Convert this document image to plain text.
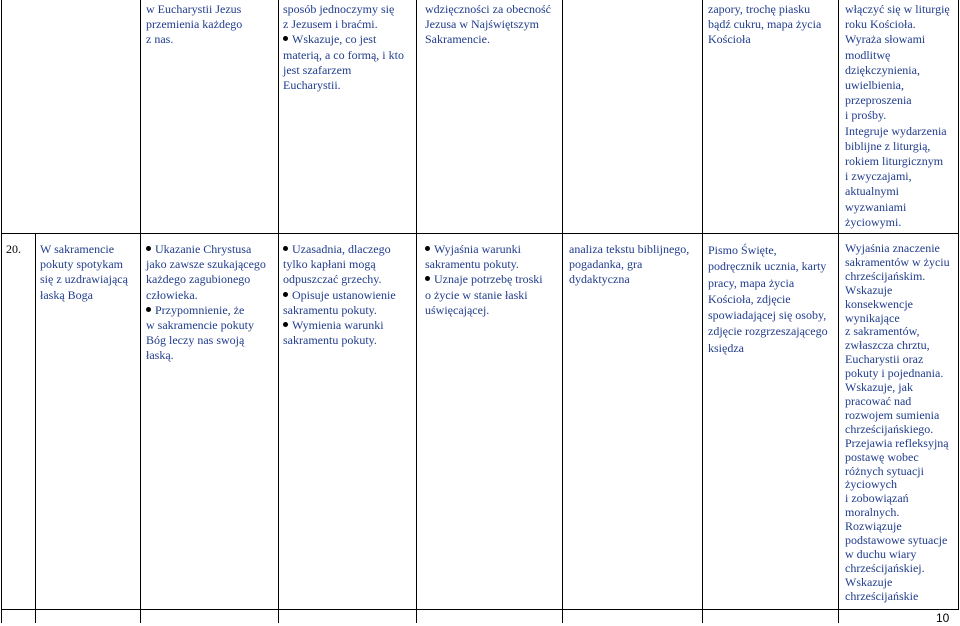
w Eucharystii Jezus

przemienia każdego

z nas.

sposób jednoczymy się

z Jezusem i braćmi.

Wskazuje, co jest

materią, a co formą, i kto

jest szafarzem

Eucharystii.

wdzięczności za obecność

Jezusa w Najświętszym

Sakramencie.

zapory, trochę piasku

bądź cukru, mapa życia

Kościoła

włączyć się w liturgię

roku Kościoła.

Wyraża słowami

modlitwę

dziękczynienia,

uwielbienia,

przeproszenia

i prośby.

Integruje wydarzenia

biblijne z liturgią,

rokiem liturgicznym

i zwyczajami,

aktualnymi

wyzwaniami

życiowymi.

20.	W sakramencie

pokuty spotykam

się z uzdrawiającą

łaską Boga

Ukazanie Chrystusa

jako zawsze szukającego

każdego zagubionego

człowieka.

Przypomnienie, że

w sakramencie pokuty

Bóg leczy nas swoją

łaską.

Uzasadnia, dlaczego

tylko kapłani mogą

odpuszczać grzechy.

Opisuje ustanowienie

sakramentu pokuty.

Wymienia warunki

sakramentu pokuty.

Wyjaśnia warunki

sakramentu pokuty.

Uznaje potrzebę troski

o życie w stanie łaski

uświęcającej.

analiza tekstu biblijnego,

pogadanka, gra

dydaktyczna

Pismo Święte,

podręcznik ucznia, karty

pracy, mapa życia

Kościoła, zdjęcie

spowiadającej się osoby,

zdjęcie rozgrzeszającego

księdza

Wyjaśnia znaczenie

sakramentów w życiu

chrześcijańskim.

Wskazuje

konsekwencje

wynikające

z sakramentów,

zwłaszcza chrztu,

Eucharystii oraz

pokuty i pojednania.

Wskazuje, jak

pracować nad

rozwojem sumienia

chrześcijańskiego.

Przejawia refleksyjną

postawę wobec

różnych sytuacji

życiowych

i zobowiązań

moralnych.

Rozwiązuje

podstawowe sytuacje

w duchu wiary

chrześcijańskiej.

Wskazuje

chrześcijańskie

10
